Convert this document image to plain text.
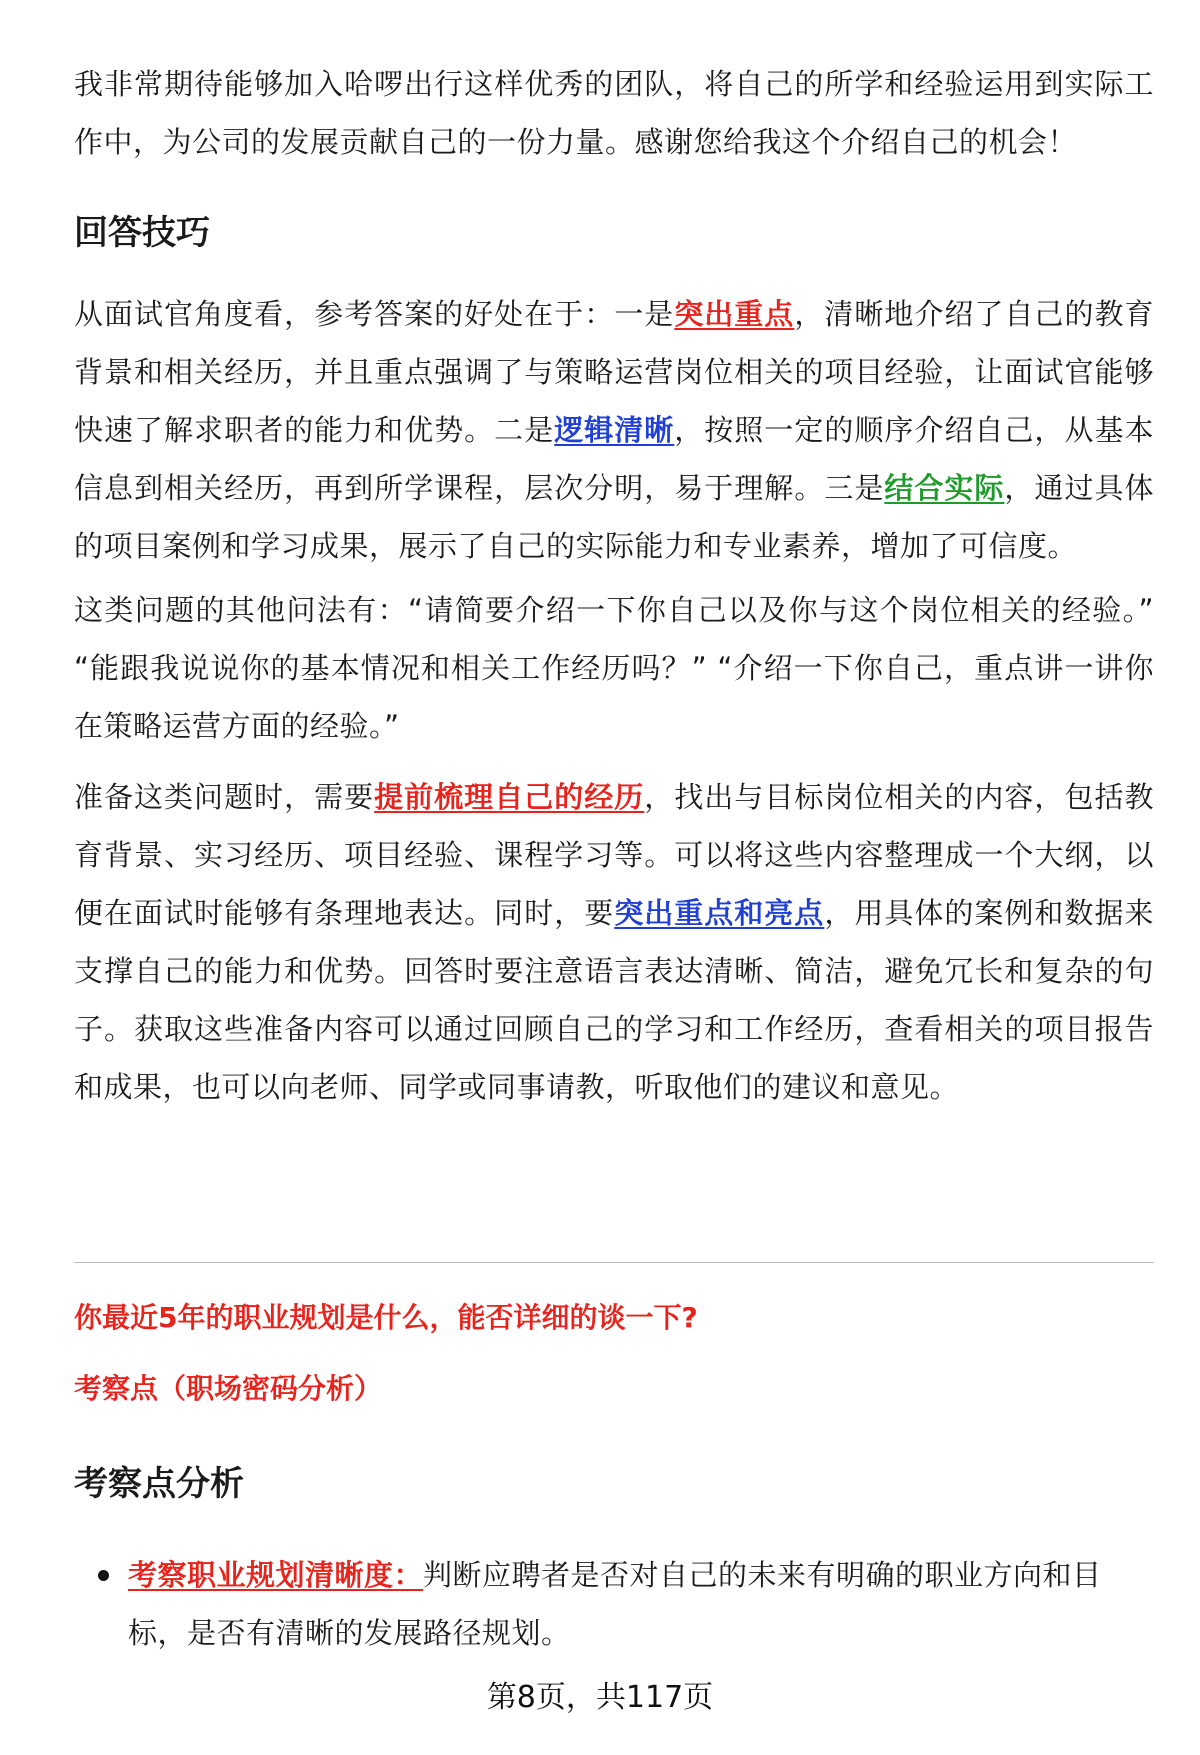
我非常期待能够加入哈啰出行这样优秀的团队，将自己的所学和经验运用到实际工作中，为公司的发展贡献自己的一份力量。感谢您给我这个介绍自己的机会！

回答技巧

从面试官角度看，参考答案的好处在于：一是突出重点，清晰地介绍了自己的教育背景和相关经历，并且重点强调了与策略运营岗位相关的项目经验，让面试官能够快速了解求职者的能力和优势。二是逻辑清晰，按照一定的顺序介绍自己，从基本信息到相关经历，再到所学课程，层次分明，易于理解。三是结合实际，通过具体的项目案例和学习成果，展示了自己的实际能力和专业素养，增加了可信度。

这类问题的其他问法有：“请简要介绍一下你自己以及你与这个岗位相关的经验。” “能跟我说说你的基本情况和相关工作经历吗？” “介绍一下你自己，重点讲一讲你在策略运营方面的经验。”

准备这类问题时，需要提前梳理自己的经历，找出与目标岗位相关的内容，包括教育背景、实习经历、项目经验、课程学习等。可以将这些内容整理成一个大纲，以便在面试时能够有条理地表达。同时，要突出重点和亮点，用具体的案例和数据来支撑自己的能力和优势。回答时要注意语言表达清晰、简洁，避免冗长和复杂的句子。获取这些准备内容可以通过回顾自己的学习和工作经历，查看相关的项目报告和成果，也可以向老师、同学或同事请教，听取他们的建议和意见。

你最近5年的职业规划是什么，能否详细的谈一下?
考察点（职场密码分析）
考察点分析
考察职业规划清晰度：判断应聘者是否对自己的未来有明确的职业方向和目标，是否有清晰的发展路径规划。
第8页，共117页
